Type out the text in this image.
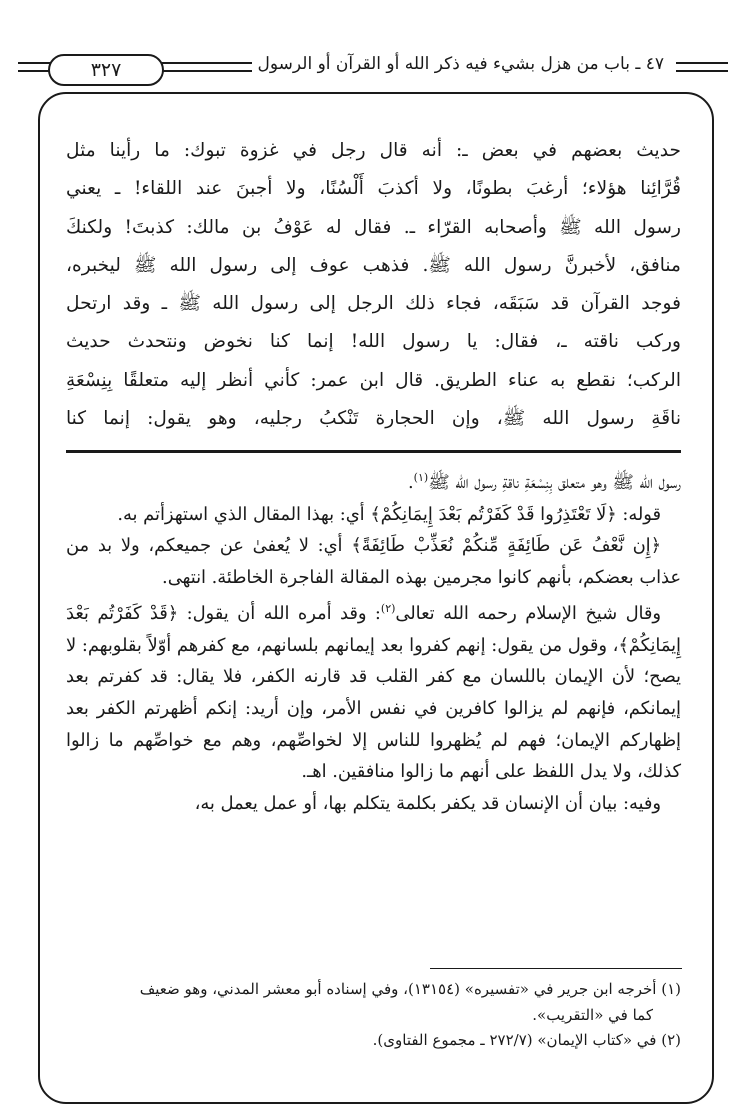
٣٢٧	٤٧ ـ باب من هزل بشيء فيه ذكر الله أو القرآن أو الرسول

حديث بعضهم في بعض ـ: أنه قال رجل في غزوة تبوك: ما رأينا مثل

قُرَّائِنا هؤلاء؛ أرغبَ بطونًا، ولا أكذبَ أَلْسُنًا، ولا أجبنَ عند اللقاء! ـ يعني

رسول الله ﷺ وأصحابه القرّاء ـ. فقال له عَوْفُ بن مالك: كذبتَ! ولكنكَ

منافق، لأخبرنَّ رسول الله ﷺ. فذهب عوف إلى رسول الله ﷺ ليخبره،

فوجد القرآن قد سَبَقَه، فجاء ذلك الرجل إلى رسول الله ﷺ ـ وقد ارتحل

وركب ناقته ـ، فقال: يا رسول الله! إنما كنا نخوض ونتحدث حديث

الركب؛ نقطع به عناء الطريق. قال ابن عمر: كأني أنظر إليه متعلقًا بِنِسْعَةِ

ناقَةِ رسول الله ﷺ، وإن الحجارة تَنْكبُ رجليه، وهو يقول: إنما كنا

رسول الله ﷺ وهو متعلق بِنِسْعَةِ ناقةِ رسول الله ﷺ$^{(١)}$.

قوله: ﴿لَا تَعْتَذِرُوا قَدْ كَفَرْتُم بَعْدَ إِيمَانِكُمْ﴾ أي: بهذا المقال الذي استهزأتم به.

﴿إِن نَّعْفُ عَن طَائِفَةٍ مِّنكُمْ نُعَذِّبْ طَائِفَةً﴾ أي: لا يُعفىٰ عن جميعكم، ولا بد من عذاب بعضكم، بأنهم كانوا مجرمين بهذه المقالة الفاجرة الخاطئة. انتهى.

وقال شيخ الإسلام رحمه الله تعالى$^{(٢)}$: وقد أمره الله أن يقول: ﴿قَدْ كَفَرْتُم بَعْدَ إِيمَانِكُمْ﴾، وقول من يقول: إنهم كفروا بعد إيمانهم بلسانهم، مع كفرهم أوّلاً بقلوبهم: لا يصح؛ لأن الإيمان باللسان مع كفر القلب قد قارنه الكفر، فلا يقال: قد كفرتم بعد إيمانكم، فإنهم لم يزالوا كافرين في نفس الأمر، وإن أريد: إنكم أظهرتم الكفر بعد إظهاركم الإيمان؛ فهم لم يُظهروا للناس إلا لخواصِّهم، وهم مع خواصِّهم ما زالوا كذلك، ولا يدل اللفظ على أنهم ما زالوا منافقين. اهـ.

وفيه: بيان أن الإنسان قد يكفر بكلمة يتكلم بها، أو عمل يعمل به،

(١) أخرجه ابن جرير في «تفسيره» (١٣١٥٤)، وفي إسناده أبو معشر المدني، وهو ضعيف

كما في «التقريب».

(٢) في «كتاب الإيمان» (٢٧٢/٧ ـ مجموع الفتاوى).
